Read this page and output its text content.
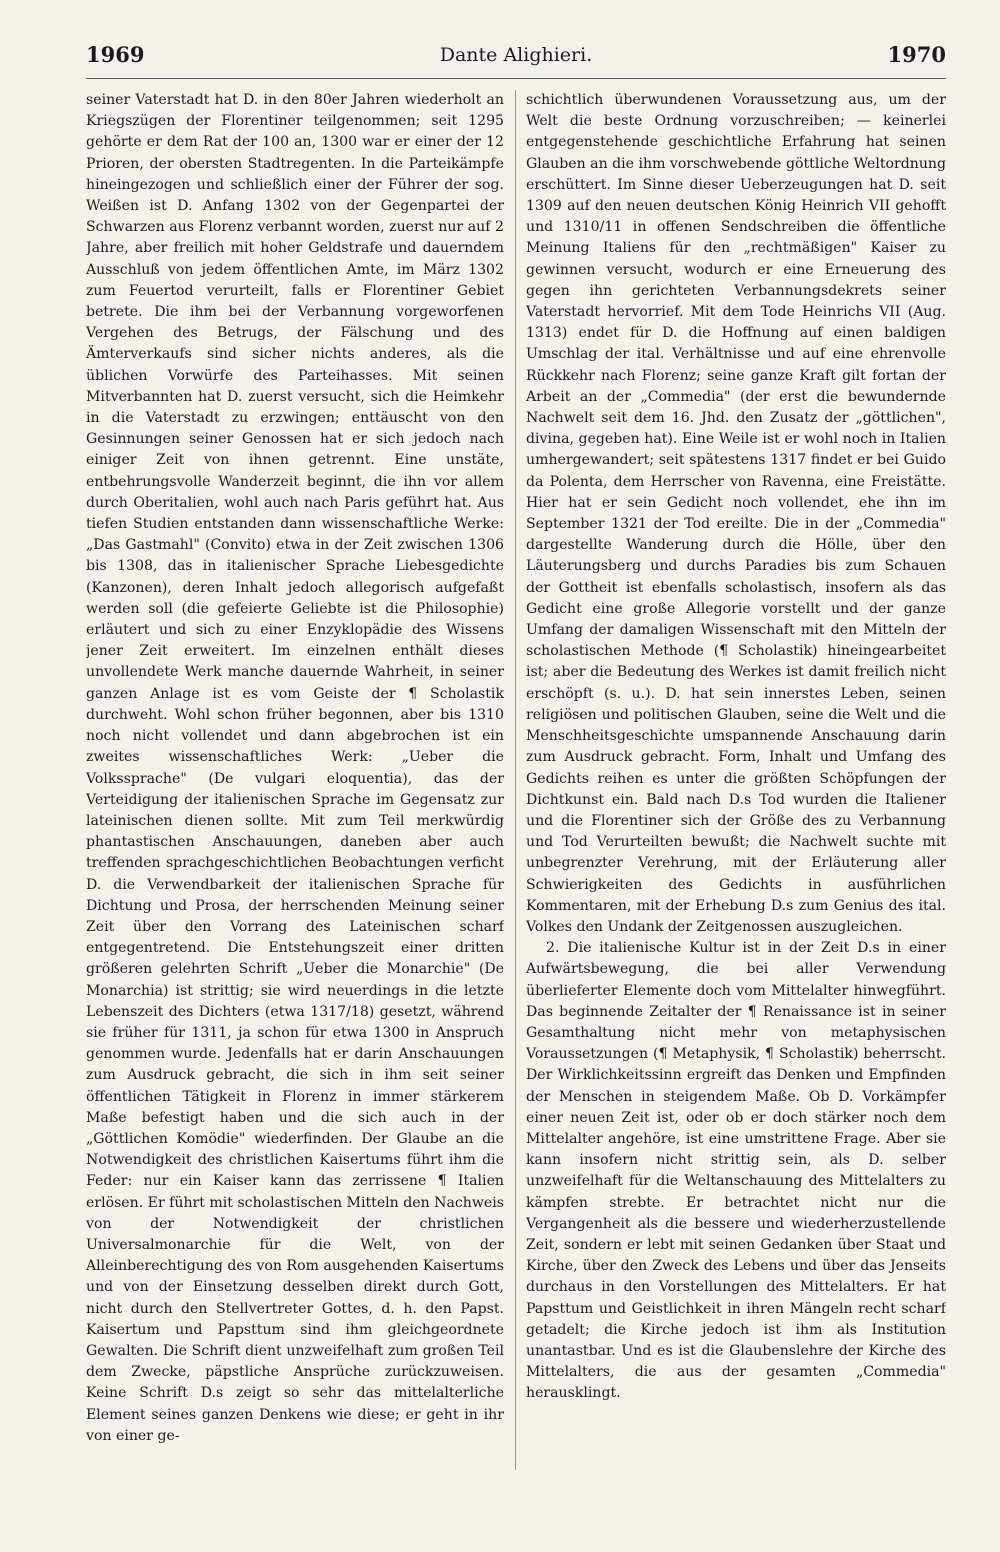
1969	Dante Alighieri.	1970

seiner Vaterstadt hat D. in den 80er Jahren wiederholt an Kriegszügen der Florentiner teilgenommen; seit 1295 gehörte er dem Rat der 100 an, 1300 war er einer der 12 Prioren, der obersten Stadtregenten. In die Parteikämpfe hineingezogen und schließlich einer der Führer der sog. Weißen ist D. Anfang 1302 von der Gegenpartei der Schwarzen aus Florenz verbannt worden, zuerst nur auf 2 Jahre, aber freilich mit hoher Geldstrafe und dauerndem Ausschluß von jedem öffentlichen Amte, im März 1302 zum Feuertod verurteilt, falls er Florentiner Gebiet betrete. Die ihm bei der Verbannung vorgeworfenen Vergehen des Betrugs, der Fälschung und des Ämterverkaufs sind sicher nichts anderes, als die üblichen Vorwürfe des Parteihasses. Mit seinen Mitverbannten hat D. zuerst versucht, sich die Heimkehr in die Vaterstadt zu erzwingen; enttäuscht von den Gesinnungen seiner Genossen hat er sich jedoch nach einiger Zeit von ihnen getrennt. Eine unstäte, entbehrungsvolle Wanderzeit beginnt, die ihn vor allem durch Oberitalien, wohl auch nach Paris geführt hat. Aus tiefen Studien entstanden dann wissenschaftliche Werke: „Das Gastmahl" (Convito) etwa in der Zeit zwischen 1306 bis 1308, das in italienischer Sprache Liebesgedichte (Kanzonen), deren Inhalt jedoch allegorisch aufgefaßt werden soll (die gefeierte Geliebte ist die Philosophie) erläutert und sich zu einer Enzyklopädie des Wissens jener Zeit erweitert. Im einzelnen enthält dieses unvollendete Werk manche dauernde Wahrheit, in seiner ganzen Anlage ist es vom Geiste der ¶ Scholastik durchweht. Wohl schon früher begonnen, aber bis 1310 noch nicht vollendet und dann abgebrochen ist ein zweites wissenschaftliches Werk: „Ueber die Volkssprache" (De vulgari eloquentia), das der Verteidigung der italienischen Sprache im Gegensatz zur lateinischen dienen sollte. Mit zum Teil merkwürdig phantastischen Anschauungen, daneben aber auch treffenden sprachgeschichtlichen Beobachtungen verficht D. die Verwendbarkeit der italienischen Sprache für Dichtung und Prosa, der herrschenden Meinung seiner Zeit über den Vorrang des Lateinischen scharf entgegentretend. Die Entstehungszeit einer dritten größeren gelehrten Schrift „Ueber die Monarchie" (De Monarchia) ist strittig; sie wird neuerdings in die letzte Lebenszeit des Dichters (etwa 1317/18) gesetzt, während sie früher für 1311, ja schon für etwa 1300 in Anspruch genommen wurde. Jedenfalls hat er darin Anschauungen zum Ausdruck gebracht, die sich in ihm seit seiner öffentlichen Tätigkeit in Florenz in immer stärkerem Maße befestigt haben und die sich auch in der „Göttlichen Komödie" wiederfinden. Der Glaube an die Notwendigkeit des christlichen Kaisertums führt ihm die Feder: nur ein Kaiser kann das zerrissene ¶ Italien erlösen. Er führt mit scholastischen Mitteln den Nachweis von der Notwendigkeit der christlichen Universalmonarchie für die Welt, von der Alleinberechtigung des von Rom ausgehenden Kaisertums und von der Einsetzung desselben direkt durch Gott, nicht durch den Stellvertreter Gottes, d. h. den Papst. Kaisertum und Papsttum sind ihm gleichgeordnete Gewalten. Die Schrift dient unzweifelhaft zum großen Teil dem Zwecke, päpstliche Ansprüche zurückzuweisen. Keine Schrift D.s zeigt so sehr das mittelalterliche Element seines ganzen Denkens wie diese; er geht in ihr von einer ge-

schichtlich überwundenen Voraussetzung aus, um der Welt die beste Ordnung vorzuschreiben; — keinerlei entgegenstehende geschichtliche Erfahrung hat seinen Glauben an die ihm vorschwebende göttliche Weltordnung erschüttert. Im Sinne dieser Ueberzeugungen hat D. seit 1309 auf den neuen deutschen König Heinrich VII gehofft und 1310/11 in offenen Sendschreiben die öffentliche Meinung Italiens für den „rechtmäßigen" Kaiser zu gewinnen versucht, wodurch er eine Erneuerung des gegen ihn gerichteten Verbannungsdekrets seiner Vaterstadt hervorrief. Mit dem Tode Heinrichs VII (Aug. 1313) endet für D. die Hoffnung auf einen baldigen Umschlag der ital. Verhältnisse und auf eine ehrenvolle Rückkehr nach Florenz; seine ganze Kraft gilt fortan der Arbeit an der „Commedia" (der erst die bewundernde Nachwelt seit dem 16. Jhd. den Zusatz der „göttlichen", divina, gegeben hat). Eine Weile ist er wohl noch in Italien umhergewandert; seit spätestens 1317 findet er bei Guido da Polenta, dem Herrscher von Ravenna, eine Freistätte. Hier hat er sein Gedicht noch vollendet, ehe ihn im September 1321 der Tod ereilte. Die in der „Commedia" dargestellte Wanderung durch die Hölle, über den Läuterungsberg und durchs Paradies bis zum Schauen der Gottheit ist ebenfalls scholastisch, insofern als das Gedicht eine große Allegorie vorstellt und der ganze Umfang der damaligen Wissenschaft mit den Mitteln der scholastischen Methode (¶ Scholastik) hineingearbeitet ist; aber die Bedeutung des Werkes ist damit freilich nicht erschöpft (s. u.). D. hat sein innerstes Leben, seinen religiösen und politischen Glauben, seine die Welt und die Menschheitsgeschichte umspannende Anschauung darin zum Ausdruck gebracht. Form, Inhalt und Umfang des Gedichts reihen es unter die größten Schöpfungen der Dichtkunst ein. Bald nach D.s Tod wurden die Italiener und die Florentiner sich der Größe des zu Verbannung und Tod Verurteilten bewußt; die Nachwelt suchte mit unbegrenzter Verehrung, mit der Erläuterung aller Schwierigkeiten des Gedichts in ausführlichen Kommentaren, mit der Erhebung D.s zum Genius des ital. Volkes den Undank der Zeitgenossen auszugleichen.

2. Die italienische Kultur ist in der Zeit D.s in einer Aufwärtsbewegung, die bei aller Verwendung überlieferter Elemente doch vom Mittelalter hinwegführt. Das beginnende Zeitalter der ¶ Renaissance ist in seiner Gesamthaltung nicht mehr von metaphysischen Voraussetzungen (¶ Metaphysik, ¶ Scholastik) beherrscht. Der Wirklichkeitssinn ergreift das Denken und Empfinden der Menschen in steigendem Maße. Ob D. Vorkämpfer einer neuen Zeit ist, oder ob er doch stärker noch dem Mittelalter angehöre, ist eine umstrittene Frage. Aber sie kann insofern nicht strittig sein, als D. selber unzweifelhaft für die Weltanschauung des Mittelalters zu kämpfen strebte. Er betrachtet nicht nur die Vergangenheit als die bessere und wiederherzustellende Zeit, sondern er lebt mit seinen Gedanken über Staat und Kirche, über den Zweck des Lebens und über das Jenseits durchaus in den Vorstellungen des Mittelalters. Er hat Papsttum und Geistlichkeit in ihren Mängeln recht scharf getadelt; die Kirche jedoch ist ihm als Institution unantastbar. Und es ist die Glaubenslehre der Kirche des Mittelalters, die aus der gesamten „Commedia" herausklingt.
